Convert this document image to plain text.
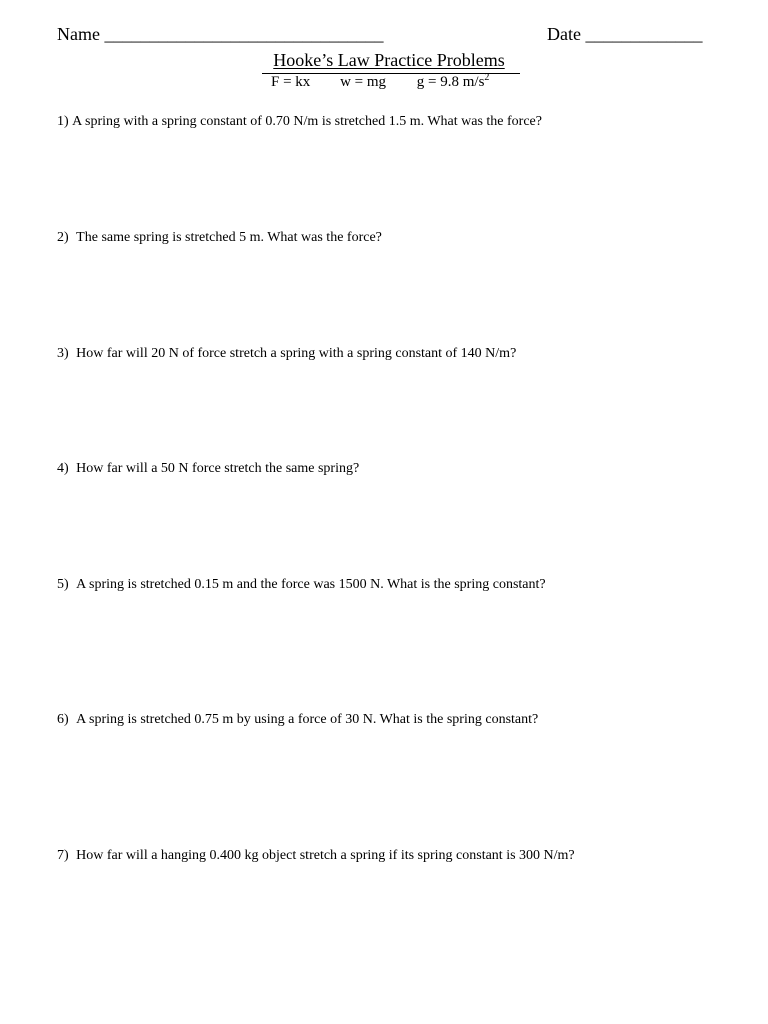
Name _______________________________	Date _____________
Hooke’s Law Practice Problems
F = kx w = mg g = 9.8 $m/s^2$
1) A spring with a spring constant of 0.70 N/m is stretched 1.5 m. What was the force?
2) The same spring is stretched 5 m. What was the force?
3) How far will 20 N of force stretch a spring with a spring constant of 140 N/m?
4) How far will a 50 N force stretch the same spring?
5) A spring is stretched 0.15 m and the force was 1500 N. What is the spring constant?
6) A spring is stretched 0.75 m by using a force of 30 N. What is the spring constant?
7) How far will a hanging 0.400 kg object stretch a spring if its spring constant is 300 N/m?
